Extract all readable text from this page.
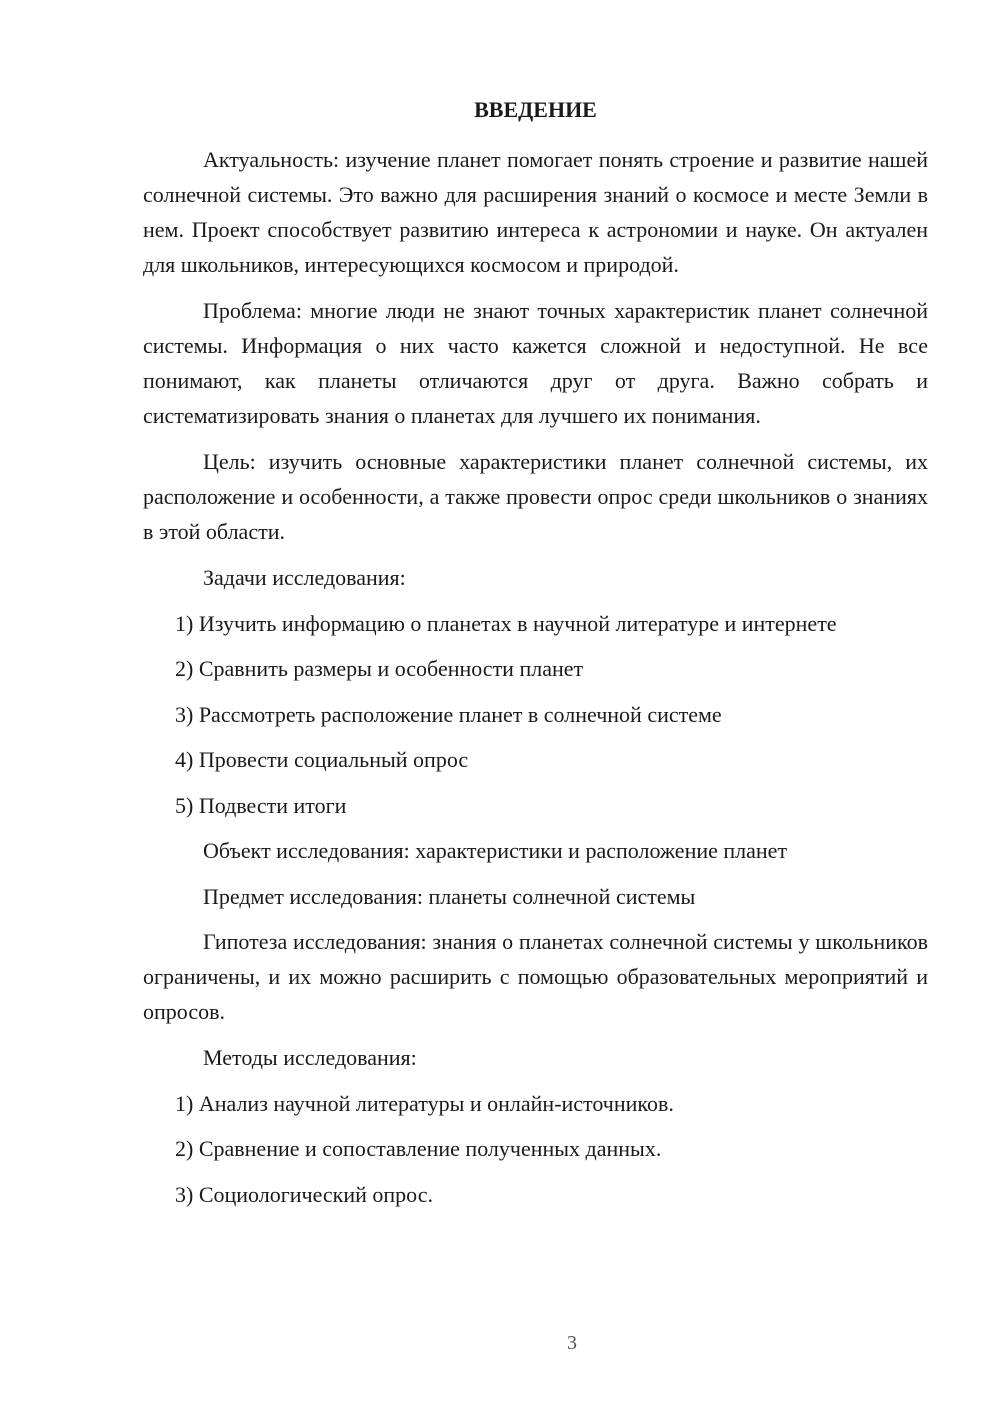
ВВЕДЕНИЕ

Актуальность: изучение планет помогает понять строение и развитие нашей солнечной системы. Это важно для расширения знаний о космосе и месте Земли в нем. Проект способствует развитию интереса к астрономии и науке. Он актуален для школьников, интересующихся космосом и природой.

Проблема: многие люди не знают точных характеристик планет солнечной системы. Информация о них часто кажется сложной и недоступной. Не все понимают, как планеты отличаются друг от друга. Важно собрать и систематизировать знания о планетах для лучшего их понимания.

Цель: изучить основные характеристики планет солнечной системы, их расположение и особенности, а также провести опрос среди школьников о знаниях в этой области.

Задачи исследования:
1) Изучить информацию о планетах в научной литературе и интернете
2) Сравнить размеры и особенности планет
3) Рассмотреть расположение планет в солнечной системе
4) Провести социальный опрос
5) Подвести итоги
Объект исследования: характеристики и расположение планет
Предмет исследования: планеты солнечной системы

Гипотеза исследования: знания о планетах солнечной системы у школьников ограничены, и их можно расширить с помощью образовательных мероприятий и опросов.

Методы исследования:
1) Анализ научной литературы и онлайн-источников.
2) Сравнение и сопоставление полученных данных.
3) Социологический опрос.
3
